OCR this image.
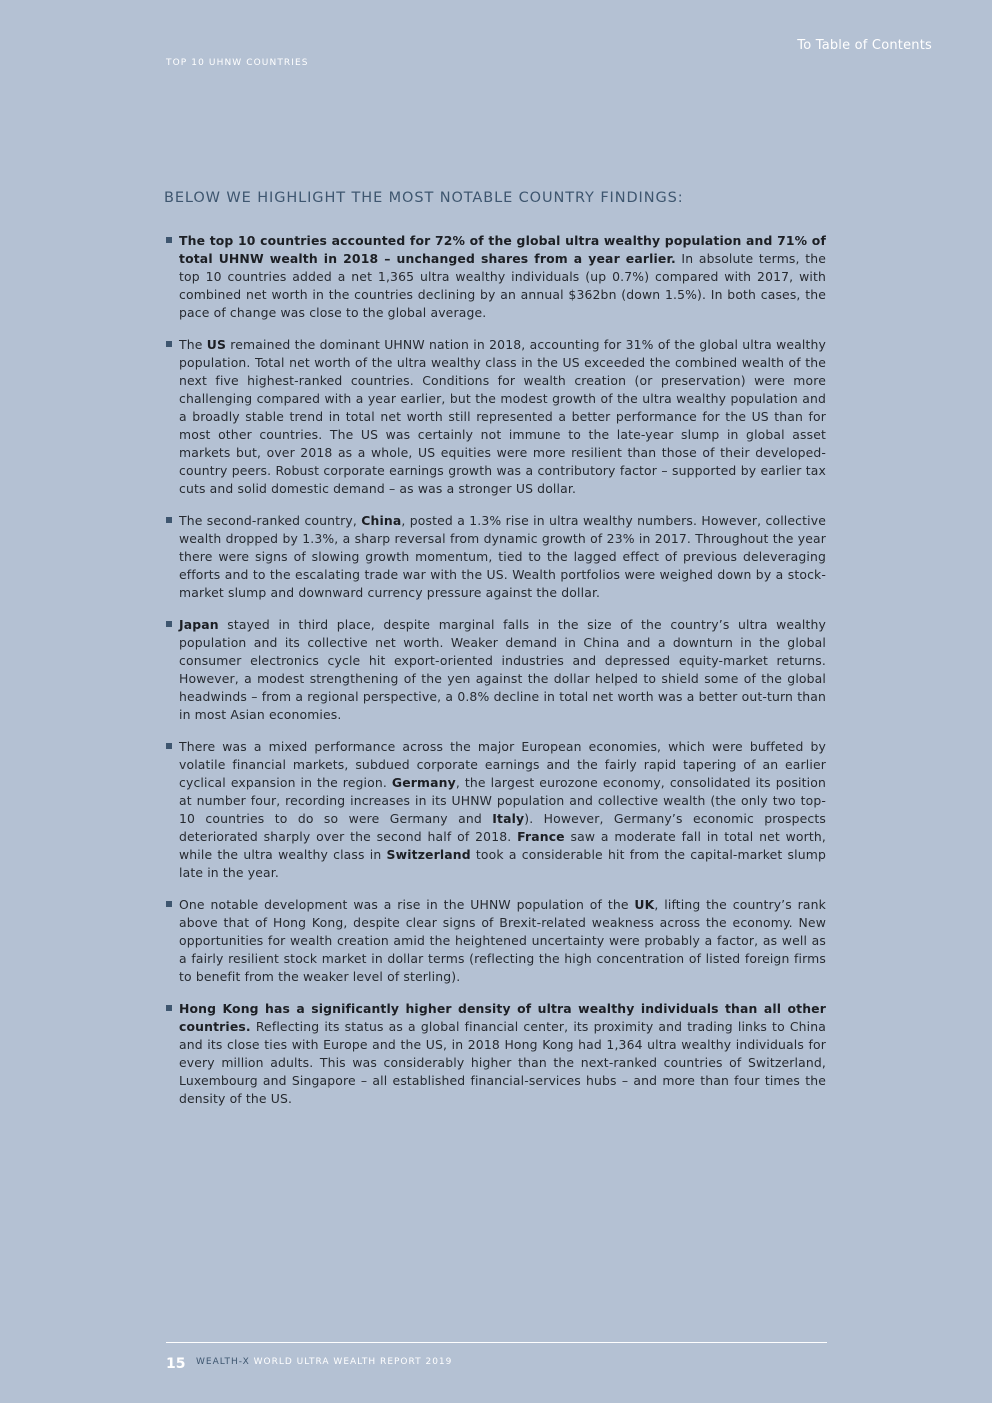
To Table of Contents
TOP 10 UHNW COUNTRIES
BELOW WE HIGHLIGHT THE MOST NOTABLE COUNTRY FINDINGS:
The top 10 countries accounted for 72% of the global ultra wealthy population and 71% of total UHNW wealth in 2018 – unchanged shares from a year earlier. In absolute terms, the top 10 countries added a net 1,365 ultra wealthy individuals (up 0.7%) compared with 2017, with combined net worth in the countries declining by an annual $362bn (down 1.5%). In both cases, the pace of change was close to the global average.
The US remained the dominant UHNW nation in 2018, accounting for 31% of the global ultra wealthy population. Total net worth of the ultra wealthy class in the US exceeded the combined wealth of the next five highest-ranked countries. Conditions for wealth creation (or preservation) were more challenging compared with a year earlier, but the modest growth of the ultra wealthy population and a broadly stable trend in total net worth still represented a better performance for the US than for most other countries. The US was certainly not immune to the late-year slump in global asset markets but, over 2018 as a whole, US equities were more resilient than those of their developed-country peers. Robust corporate earnings growth was a contributory factor – supported by earlier tax cuts and solid domestic demand – as was a stronger US dollar.
The second-ranked country, China, posted a 1.3% rise in ultra wealthy numbers. However, collective wealth dropped by 1.3%, a sharp reversal from dynamic growth of 23% in 2017. Throughout the year there were signs of slowing growth momentum, tied to the lagged effect of previous deleveraging efforts and to the escalating trade war with the US. Wealth portfolios were weighed down by a stock-market slump and downward currency pressure against the dollar.
Japan stayed in third place, despite marginal falls in the size of the country’s ultra wealthy population and its collective net worth. Weaker demand in China and a downturn in the global consumer electronics cycle hit export-oriented industries and depressed equity-market returns. However, a modest strengthening of the yen against the dollar helped to shield some of the global headwinds – from a regional perspective, a 0.8% decline in total net worth was a better out-turn than in most Asian economies.
There was a mixed performance across the major European economies, which were buffeted by volatile financial markets, subdued corporate earnings and the fairly rapid tapering of an earlier cyclical expansion in the region. Germany, the largest eurozone economy, consolidated its position at number four, recording increases in its UHNW population and collective wealth (the only two top-10 countries to do so were Germany and Italy). However, Germany’s economic prospects deteriorated sharply over the second half of 2018. France saw a moderate fall in total net worth, while the ultra wealthy class in Switzerland took a considerable hit from the capital-market slump late in the year.
One notable development was a rise in the UHNW population of the UK, lifting the country’s rank above that of Hong Kong, despite clear signs of Brexit-related weakness across the economy. New opportunities for wealth creation amid the heightened uncertainty were probably a factor, as well as a fairly resilient stock market in dollar terms (reflecting the high concentration of listed foreign firms to benefit from the weaker level of sterling).
Hong Kong has a significantly higher density of ultra wealthy individuals than all other countries. Reflecting its status as a global financial center, its proximity and trading links to China and its close ties with Europe and the US, in 2018 Hong Kong had 1,364 ultra wealthy individuals for every million adults. This was considerably higher than the next-ranked countries of Switzerland, Luxembourg and Singapore – all established financial-services hubs – and more than four times the density of the US.
15 WEALTH-X WORLD ULTRA WEALTH REPORT 2019
